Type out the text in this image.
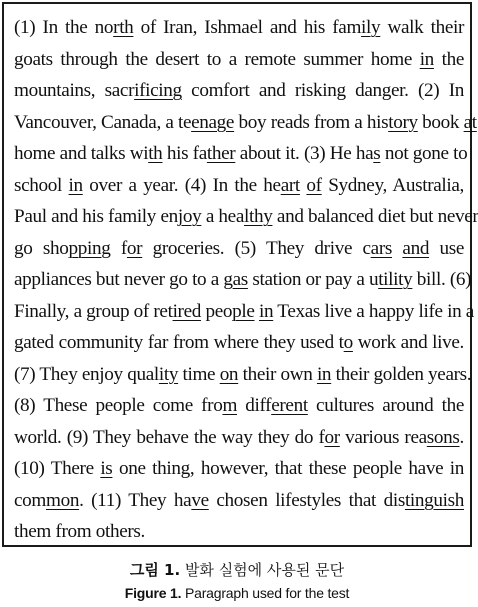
(1) In the north of Iran, Ishmael and his family walk their
goats through the desert to a remote summer home in the
mountains, sacrificing comfort and risking danger. (2) In
Vancouver, Canada, a teenage boy reads from a history book at
home and talks with his father about it. (3) He has not gone to
school in over a year. (4) In the heart of Sydney, Australia,
Paul and his family enjoy a healthy and balanced diet but never
go shopping for groceries. (5) They drive cars and use
appliances but never go to a gas station or pay a utility bill. (6)
Finally, a group of retired people in Texas live a happy life in a
gated community far from where they used to work and live.
(7) They enjoy quality time on their own in their golden years.
(8) These people come from different cultures around the
world. (9) They behave the way they do for various reasons.
(10) There is one thing, however, that these people have in
common. (11) They have chosen lifestyles that distinguish
them from others.

그림 1. 발화 실험에 사용된 문단

Figure 1. Paragraph used for the test
